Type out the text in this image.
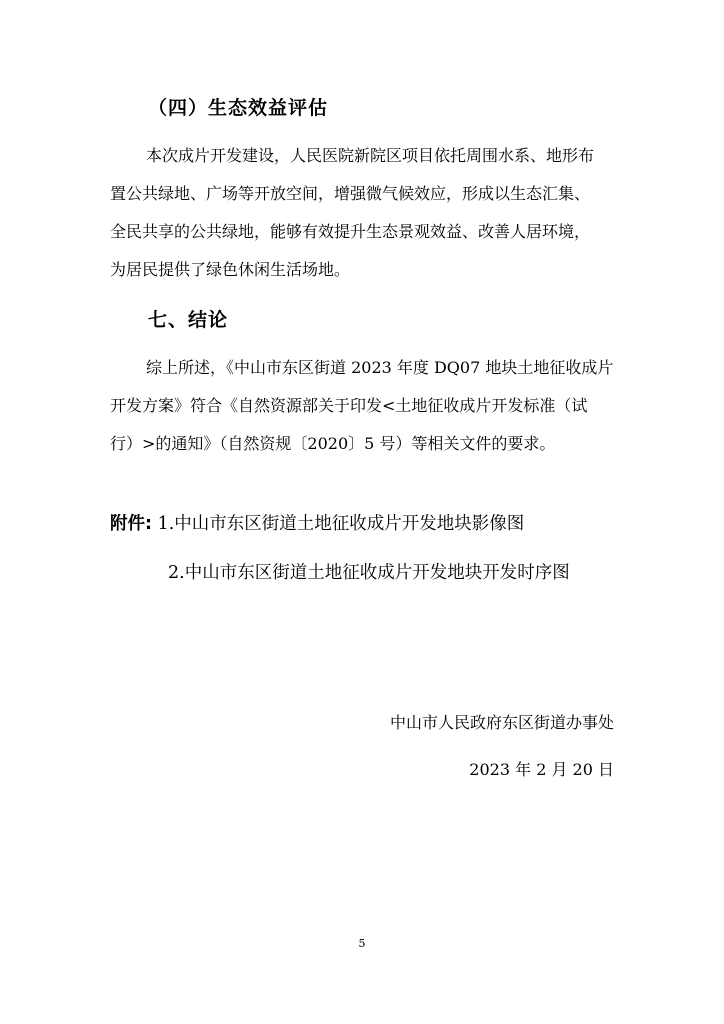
（四）生态效益评估
本次成片开发建设，人民医院新院区项目依托周围水系、地形布
置公共绿地、广场等开放空间，增强微气候效应，形成以生态汇集、
全民共享的公共绿地，能够有效提升生态景观效益、改善人居环境，
为居民提供了绿色休闲生活场地。
七、结论
综上所述，《中山市东区街道 2023 年度 DQ07 地块土地征收成片
开发方案》符合《自然资源部关于印发<土地征收成片开发标准（试
行）>的通知》（自然资规〔2020〕5 号）等相关文件的要求。
附件: 1.中山市东区街道土地征收成片开发地块影像图
2.中山市东区街道土地征收成片开发地块开发时序图
中山市人民政府东区街道办事处
2023 年 2 月 20 日
5
